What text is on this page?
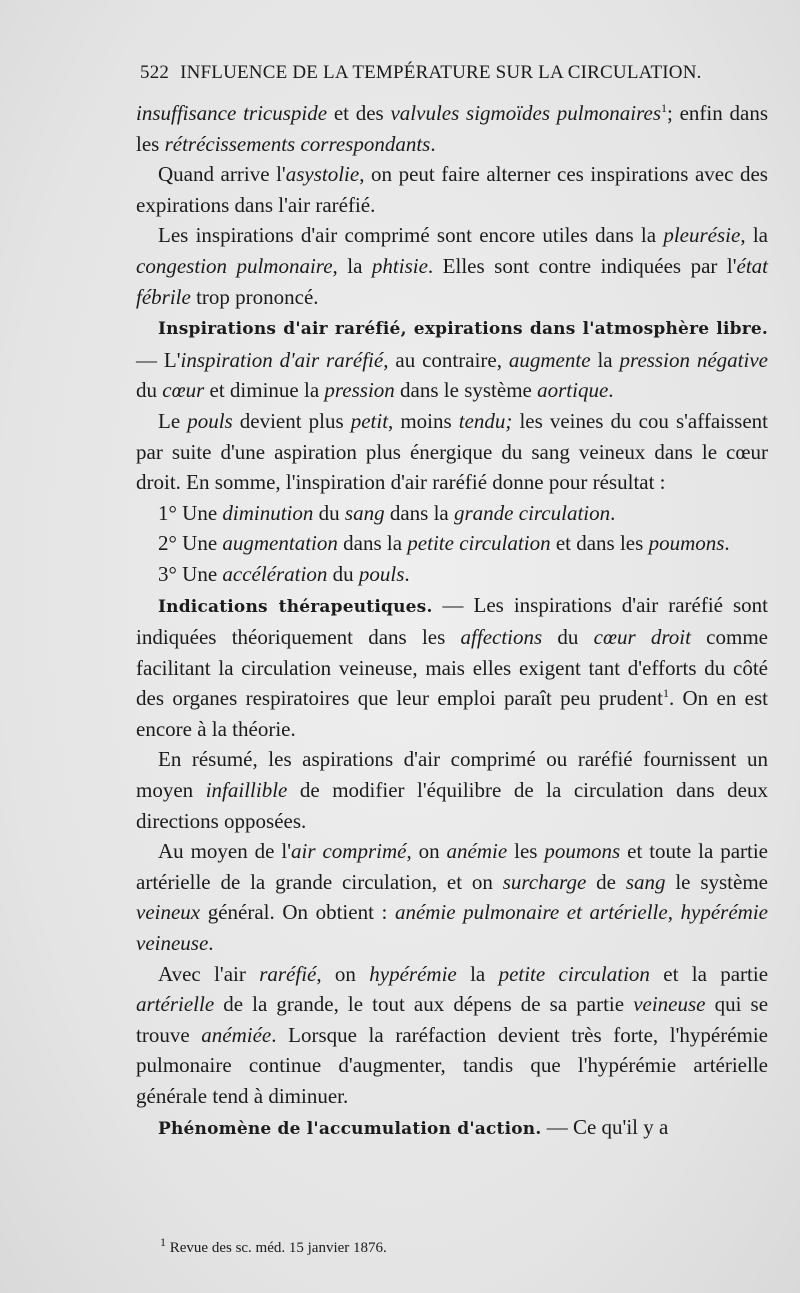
522 INFLUENCE DE LA TEMPÉRATURE SUR LA CIRCULATION.

insuffisance tricuspide et des valvules sigmoïdes pulmonaires$^1$; enfin dans les rétrécissements correspondants.

Quand arrive l'asystolie, on peut faire alterner ces inspirations avec des expirations dans l'air raréfié.

Les inspirations d'air comprimé sont encore utiles dans la pleurésie, la congestion pulmonaire, la phtisie. Elles sont contre indiquées par l'état fébrile trop prononcé.

Inspirations d'air raréfié, expirations dans l'atmosphère libre. — L'inspiration d'air raréfié, au contraire, augmente la pression négative du cœur et diminue la pression dans le système aortique.

Le pouls devient plus petit, moins tendu; les veines du cou s'affaissent par suite d'une aspiration plus énergique du sang veineux dans le cœur droit. En somme, l'inspiration d'air raréfié donne pour résultat :

1° Une diminution du sang dans la grande circulation.

2° Une augmentation dans la petite circulation et dans les poumons.

3° Une accélération du pouls.

Indications thérapeutiques. — Les inspirations d'air raréfié sont indiquées théoriquement dans les affections du cœur droit comme facilitant la circulation veineuse, mais elles exigent tant d'efforts du côté des organes respiratoires que leur emploi paraît peu prudent$^1$. On en est encore à la théorie.

En résumé, les aspirations d'air comprimé ou raréfié fournissent un moyen infaillible de modifier l'équilibre de la circulation dans deux directions opposées.

Au moyen de l'air comprimé, on anémie les poumons et toute la partie artérielle de la grande circulation, et on surcharge de sang le système veineux général. On obtient : anémie pulmonaire et artérielle, hypérémie veineuse.

Avec l'air raréfié, on hypérémie la petite circulation et la partie artérielle de la grande, le tout aux dépens de sa partie veineuse qui se trouve anémiée. Lorsque la raréfaction devient très forte, l'hypérémie pulmonaire continue d'augmenter, tandis que l'hypérémie artérielle générale tend à diminuer.

Phénomène de l'accumulation d'action. — Ce qu'il y a

$^1$ Revue des sc. méd. 15 janvier 1876.
